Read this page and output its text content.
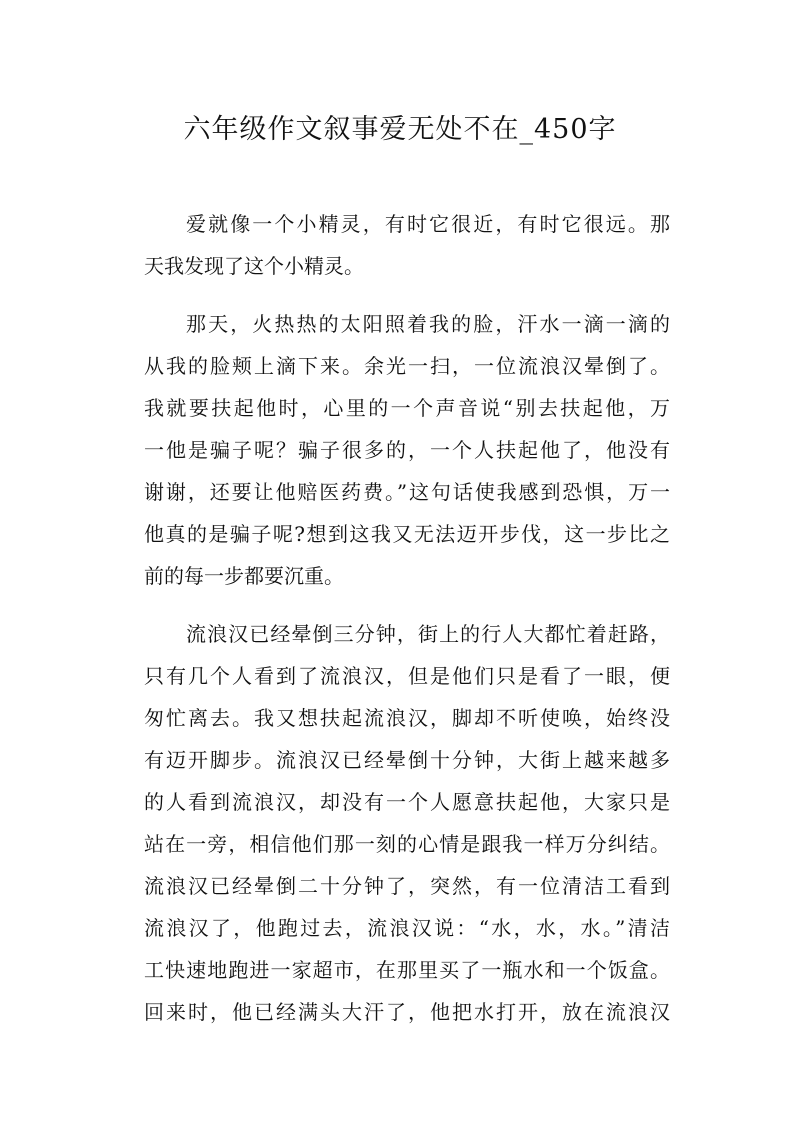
六年级作文叙事爱无处不在_450字
爱就像一个小精灵，有时它很近，有时它很远。那
天我发现了这个小精灵。
那天，火热热的太阳照着我的脸，汗水一滴一滴的
从我的脸颊上滴下来。余光一扫，一位流浪汉晕倒了。
我就要扶起他时，心里的一个声音说“别去扶起他，万
一他是骗子呢？骗子很多的，一个人扶起他了，他没有
谢谢，还要让他赔医药费。”这句话使我感到恐惧，万一
他真的是骗子呢?想到这我又无法迈开步伐，这一步比之
前的每一步都要沉重。
流浪汉已经晕倒三分钟，街上的行人大都忙着赶路，
只有几个人看到了流浪汉，但是他们只是看了一眼，便
匆忙离去。我又想扶起流浪汉，脚却不听使唤，始终没
有迈开脚步。流浪汉已经晕倒十分钟，大街上越来越多
的人看到流浪汉，却没有一个人愿意扶起他，大家只是
站在一旁，相信他们那一刻的心情是跟我一样万分纠结。
流浪汉已经晕倒二十分钟了，突然，有一位清洁工看到
流浪汉了，他跑过去，流浪汉说：“水，水，水。”清洁
工快速地跑进一家超市，在那里买了一瓶水和一个饭盒。
回来时，他已经满头大汗了，他把水打开，放在流浪汉
